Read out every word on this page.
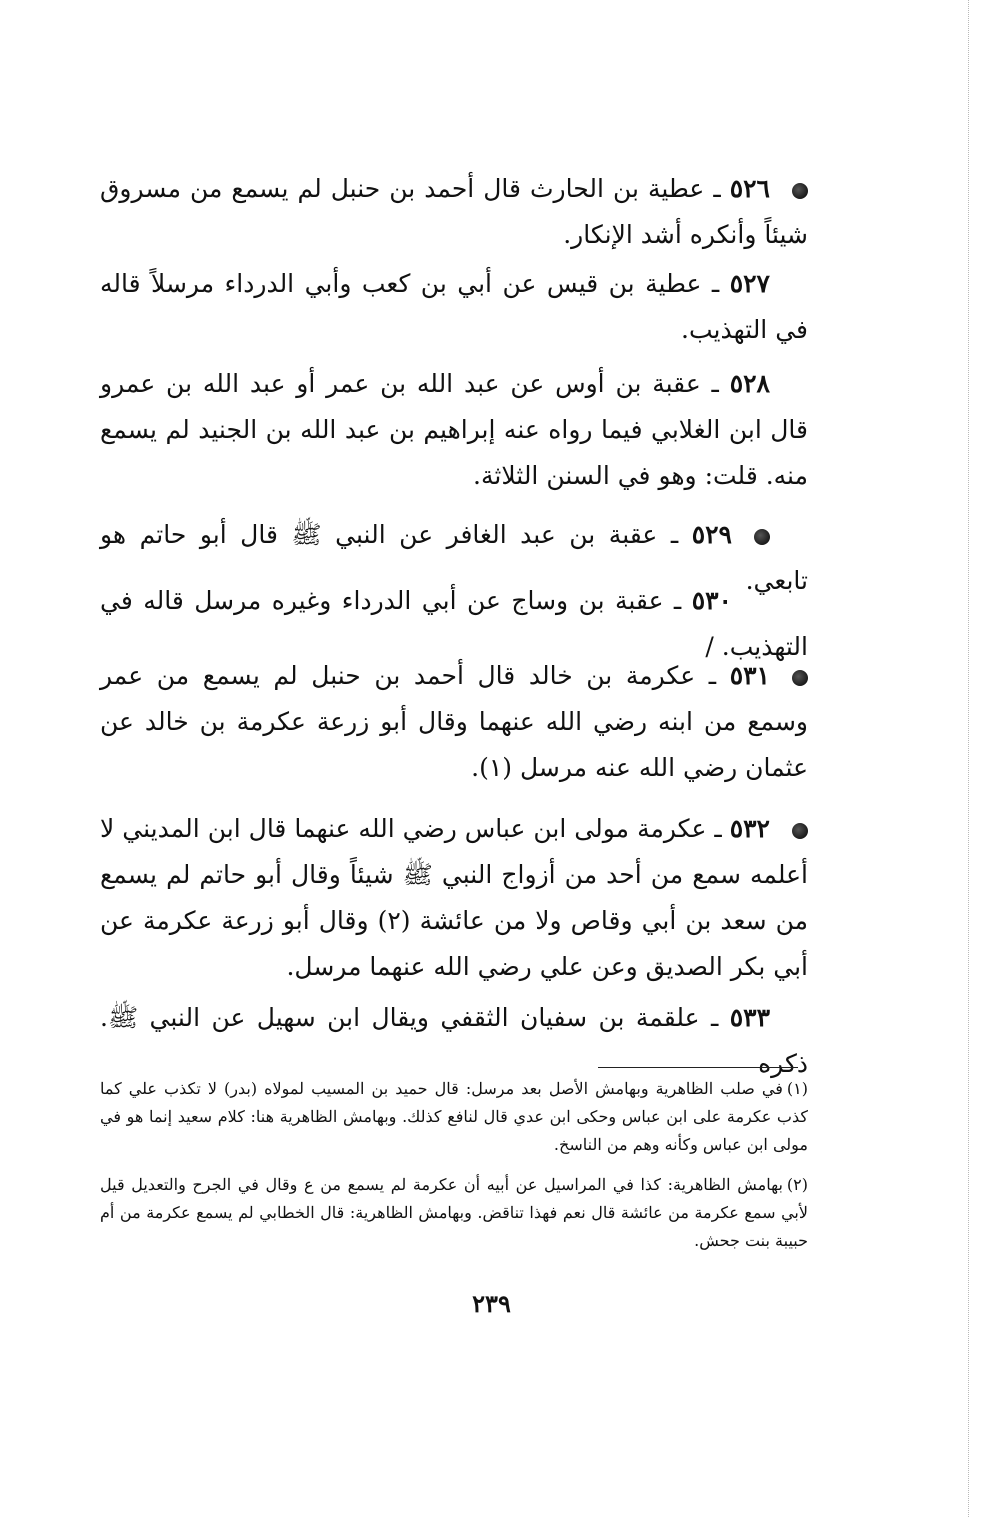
٥٢٦ ـ عطية بن الحارث قال أحمد بن حنبل لم يسمع من مسروق شيئاً وأنكره أشد الإنكار.

٥٢٧ ـ عطية بن قيس عن أبي بن كعب وأبي الدرداء مرسلاً قاله في التهذيب.

٥٢٨ ـ عقبة بن أوس عن عبد الله بن عمر أو عبد الله بن عمرو قال ابن الغلابي فيما رواه عنه إبراهيم بن عبد الله بن الجنيد لم يسمع منه. قلت: وهو في السنن الثلاثة.

٥٢٩ ـ عقبة بن عبد الغافر عن النبي ﷺ قال أبو حاتم هو تابعي.

٥٣٠ ـ عقبة بن وساج عن أبي الدرداء وغيره مرسل قاله في التهذيب. /

٥٣١ ـ عكرمة بن خالد قال أحمد بن حنبل لم يسمع من عمر وسمع من ابنه رضي الله عنهما وقال أبو زرعة عكرمة بن خالد عن عثمان رضي الله عنه مرسل (١).

٥٣٢ ـ عكرمة مولى ابن عباس رضي الله عنهما قال ابن المديني لا أعلمه سمع من أحد من أزواج النبي ﷺ شيئاً وقال أبو حاتم لم يسمع من سعد بن أبي وقاص ولا من عائشة (٢) وقال أبو زرعة عكرمة عن أبي بكر الصديق وعن علي رضي الله عنهما مرسل.

٥٣٣ ـ علقمة بن سفيان الثقفي ويقال ابن سهيل عن النبي ﷺ. ذكره

(١)في صلب الظاهرية وبهامش الأصل بعد مرسل: قال حميد بن المسيب لمولاه (بدر) لا تكذب علي كما كذب عكرمة على ابن عباس وحكى ابن عدي قال لنافع كذلك. وبهامش الظاهرية هنا: كلام سعيد إنما هو في مولى ابن عباس وكأنه وهم من الناسخ.

(٢)بهامش الظاهرية: كذا في المراسيل عن أبيه أن عكرمة لم يسمع من ع وقال في الجرح والتعديل قيل لأبي سمع عكرمة من عائشة قال نعم فهذا تناقض. وبهامش الظاهرية: قال الخطابي لم يسمع عكرمة من أم حبيبة بنت جحش.

٢٣٩
